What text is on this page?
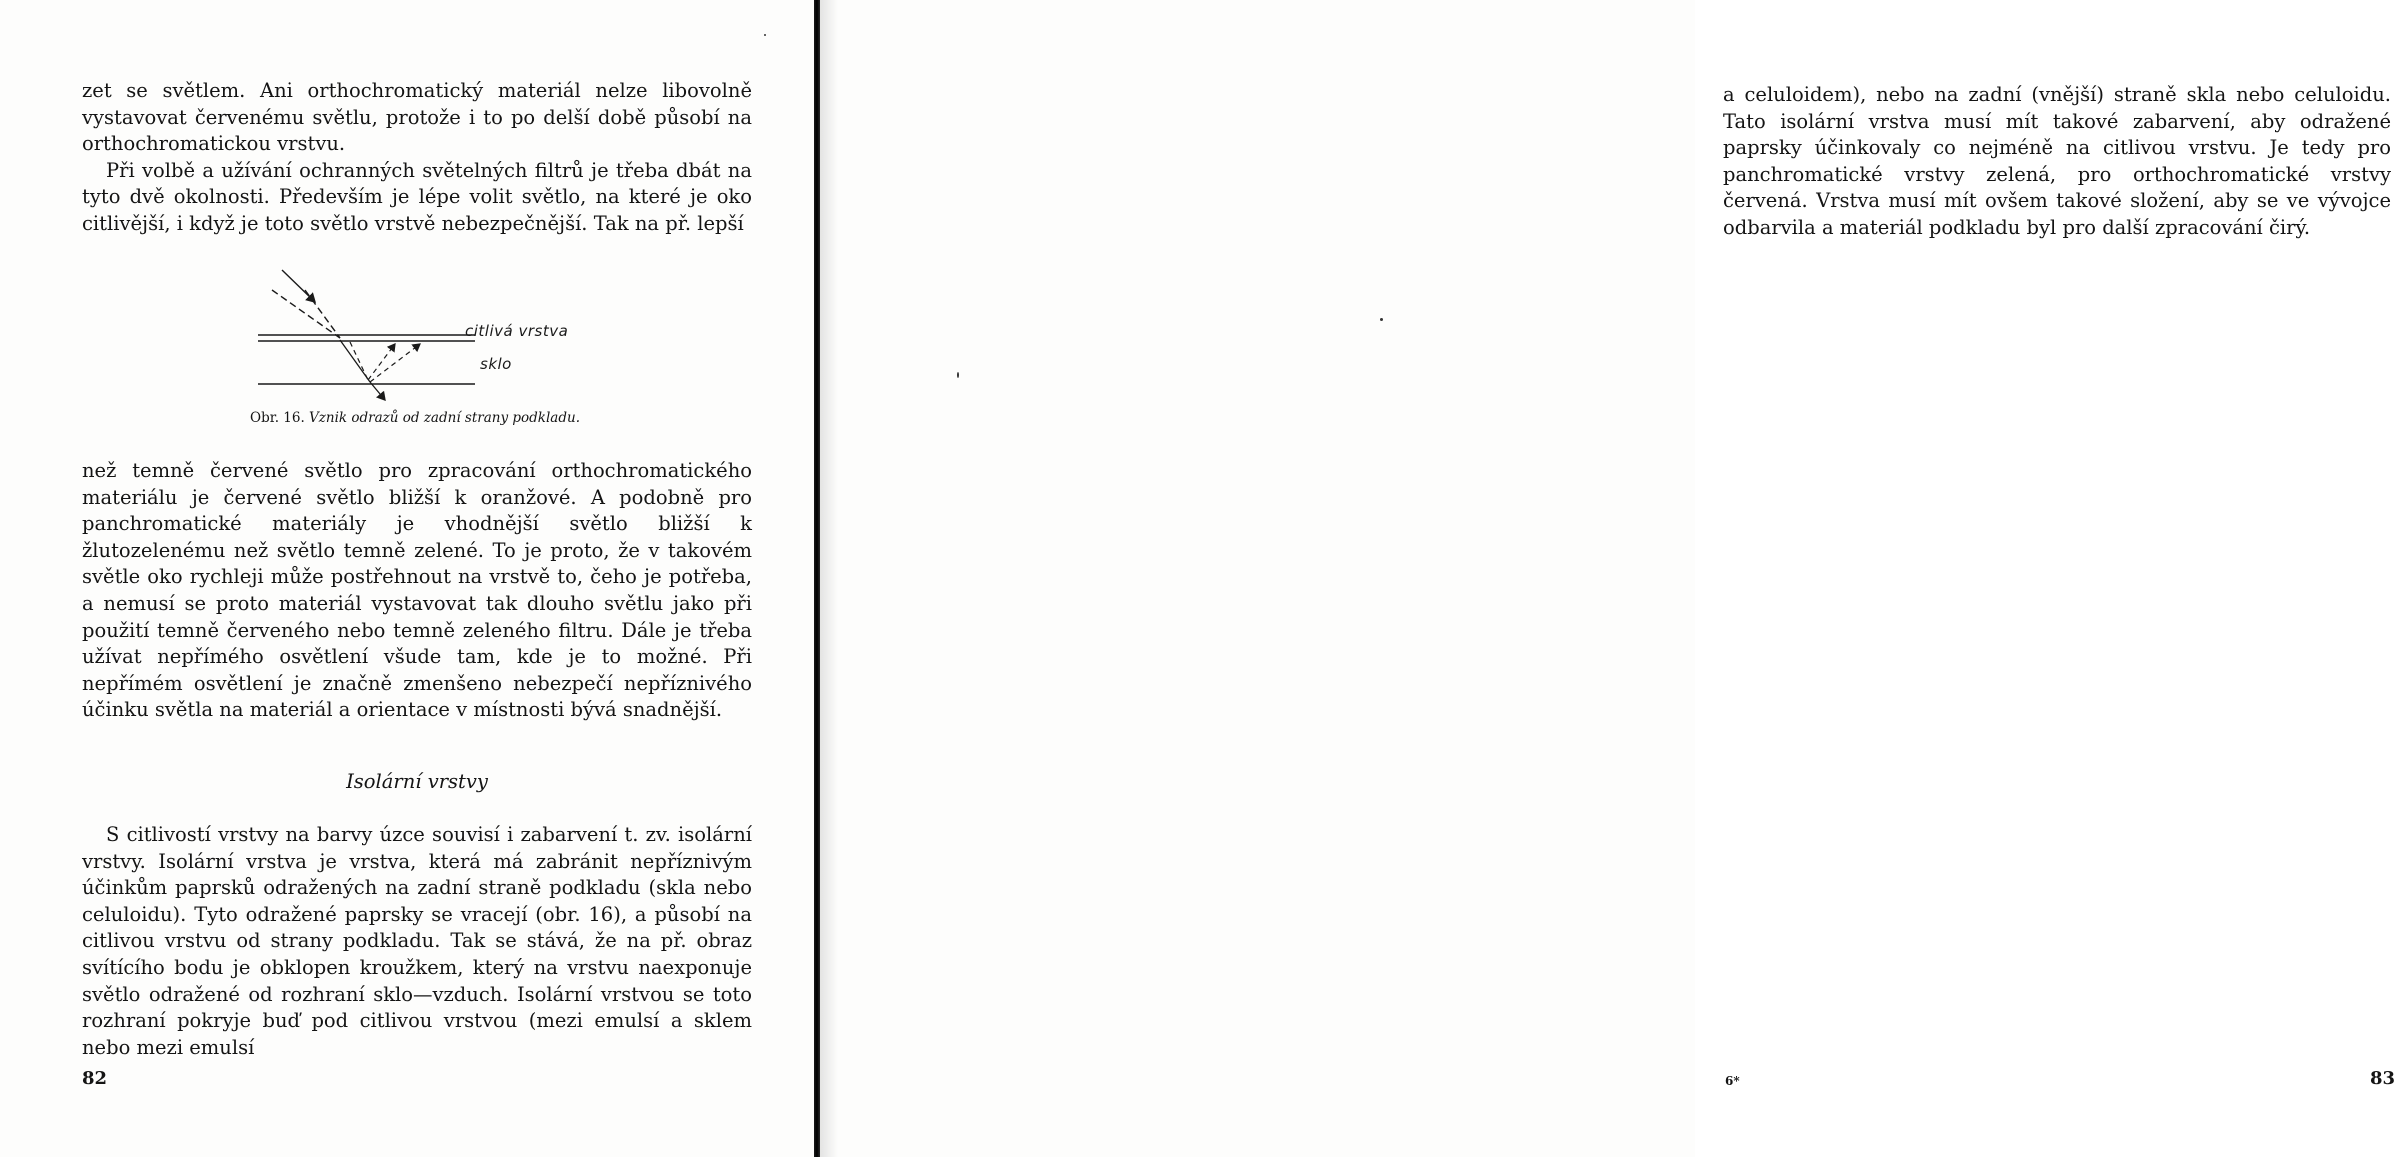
zet se světlem. Ani orthochromatický materiál nelze libovolně vystavovat červenému světlu, protože i to po delší době působí na orthochromatickou vrstvu.

Při volbě a užívání ochranných světelných filtrů je třeba dbát na tyto dvě okolnosti. Především je lépe volit světlo, na které je oko citlivější, i když je toto světlo vrstvě nebezpečnější. Tak na př. lepší

citlivá vrstva
sklo
Obr. 16. Vznik odrazů od zadní strany podkladu.

než temně červené světlo pro zpracování orthochromatického materiálu je červené světlo bližší k oranžové. A podobně pro panchromatické materiály je vhodnější světlo bližší k žlutozelenému než světlo temně zelené. To je proto, že v takovém světle oko rychleji může postřehnout na vrstvě to, čeho je potřeba, a nemusí se proto materiál vystavovat tak dlouho světlu jako při použití temně červeného nebo temně zeleného filtru. Dále je třeba užívat nepřímého osvětlení všude tam, kde je to možné. Při nepřímém osvětlení je značně zmenšeno nebezpečí nepříznivého účinku světla na materiál a orientace v místnosti bývá snadnější.

Isolární vrstvy

S citlivostí vrstvy na barvy úzce souvisí i zabarvení t. zv. isolární vrstvy. Isolární vrstva je vrstva, která má zabránit nepříznivým účinkům paprsků odražených na zadní straně podkladu (skla nebo celuloidu). Tyto odražené paprsky se vracejí (obr. 16), a působí na citlivou vrstvu od strany podkladu. Tak se stává, že na př. obraz svítícího bodu je obklopen kroužkem, který na vrstvu naexponuje světlo odražené od rozhraní sklo—vzduch. Isolární vrstvou se toto rozhraní pokryje buď pod citlivou vrstvou (mezi emulsí a sklem nebo mezi emulsí

82

a celuloidem), nebo na zadní (vnější) straně skla nebo celuloidu. Tato isolární vrstva musí mít takové zabarvení, aby odražené paprsky účinkovaly co nejméně na citlivou vrstvu. Je tedy pro panchromatické vrstvy zelená, pro orthochromatické vrstvy červená. Vrstva musí mít ovšem takové složení, aby se ve vývojce odbarvila a materiál podkladu byl pro další zpracování čirý.

6*	83
